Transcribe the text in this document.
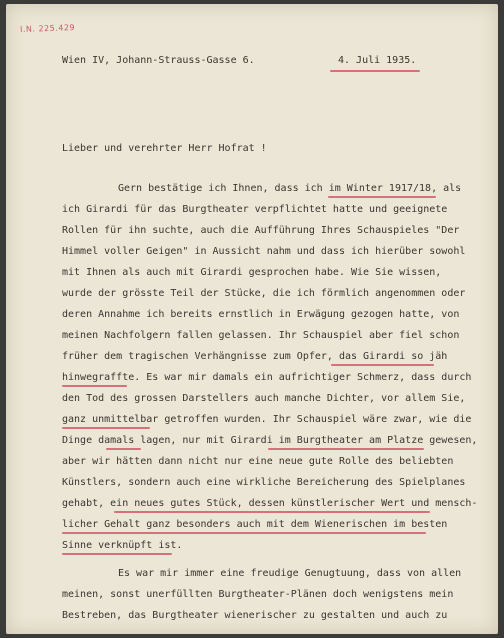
I.N. 225.429

Wien IV, Johann-Strauss-Gasse 6.	4. Juli 1935.

Lieber und verehrter Herr Hofrat !

Gern bestätige ich Ihnen, dass ich im Winter 1917/18, als

ich Girardi für das Burgtheater verpflichtet hatte und geeignete

Rollen für ihn suchte, auch die Aufführung Ihres Schauspieles "Der

Himmel voller Geigen" in Aussicht nahm und dass ich hierüber sowohl

mit Ihnen als auch mit Girardi gesprochen habe. Wie Sie wissen,

wurde der grösste Teil der Stücke, die ich förmlich angenommen oder

deren Annahme ich bereits ernstlich in Erwägung gezogen hatte, von

meinen Nachfolgern fallen gelassen. Ihr Schauspiel aber fiel schon

früher dem tragischen Verhängnisse zum Opfer, das Girardi so jäh

hinwegraffte. Es war mir damals ein aufrichtiger Schmerz, dass durch

den Tod des grossen Darstellers auch manche Dichter, vor allem Sie,

ganz unmittelbar getroffen wurden. Ihr Schauspiel wäre zwar, wie die

Dinge damals lagen, nur mit Girardi im Burgtheater am Platze gewesen,

aber wir hätten dann nicht nur eine neue gute Rolle des beliebten

Künstlers, sondern auch eine wirkliche Bereicherung des Spielplanes

gehabt, ein neues gutes Stück, dessen künstlerischer Wert und mensch-

licher Gehalt ganz besonders auch mit dem Wienerischen im besten

Sinne verknüpft ist.

Es war mir immer eine freudige Genugtuung, dass von allen

meinen, sonst unerfüllten Burgtheater-Plänen doch wenigstens mein

Bestreben, das Burgtheater wienerischer zu gestalten und auch zu
